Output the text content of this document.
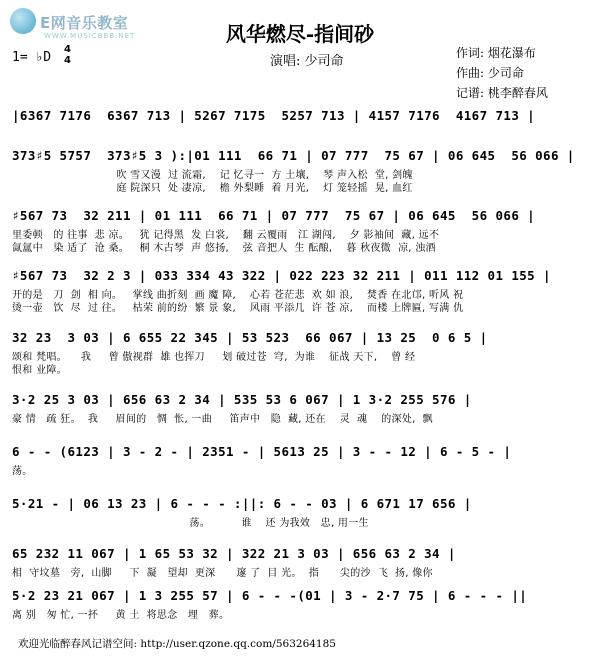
E网音乐教室
WWW.MUSICBBB.NET	风华燃尽-指间砂
1= ♭D
4
4	演唱: 少司命
作词: 烟花瀑布
作曲: 少司命
记谱: 桃李醉春风
|6367 7176  6367 713 | 5267 7175  5257 713 | 4157 7176  4167 713 |
373♯5 5757  373♯5 3 ):|01 111  66 71 | 07 777  75 67 | 06 645  56 066 |
吹 雪又漫  过 流霜,    记 忆寻一  方 土壤,    琴 声入松  堂, 剑魄
庭 院深只  处 凄凉,    檐 外梨睡  着 月光,    灯 笼轻摇  晃, 血红
♯567 73  32 211 | 01 111  66 71 | 07 777  75 67 | 06 645  56 066 |
里委顿   的 往事  悲 凉。   犹 记得黑  发 白裳,    翻 云覆雨   江 湖闯,    夕 影袖间  藏, 远不
氤氲中   染 适了  沧 桑。   桐 木古琴  声 悠扬,    弦 音把人  生 酝酿,    暮 秋夜微  凉, 浊酒
♯567 73  32 2 3 | 033 334 43 322 | 022 223 32 211 | 011 112 01 155 |
开的是   刀  剑  相 向。   掌线 曲折刻  画 魔 障,    心若 苍茫悲  欢 如 浪,    焚香 在北邙, 听风 祝
烫一壶   饮  尽  过 往。   枯荣 前的纷  繁 景 象,    风雨 平添几  许 苍 凉,    而楼 上牌匾, 写满 仇
32 23  3 03 | 6 655 22 345 | 53 523  66 067 | 13 25  0 6 5 |
颂和 梵唱。    我     曾 傲视群  雄 也挥刀     划 破过苍  穹,  为谁    征战 天下,    曾 经
恨和 业障。
3·2 25 3 03 | 656 63 2 34 | 535 53 6 067 | 1 3·2 255 576 |
豪 情   疏 狂。  我     眉间的   惆  怅, 一曲     笛声中   隐  藏, 还在    灵  魂    的深处,  飘
6 - - (6123 | 3 - 2 - | 2351 - | 5613 25 | 3 - - 12 | 6 - 5 - |
荡。
5·21 - | 06 13 23 | 6 - - - :||: 6 - - 03 | 6 671 17 656 |
荡。         谁    还 为我效   忠, 用一生
65 232 11 067 | 1 65 53 32 | 322 21 3 03 | 656 63 2 34 |
相  守坟墓   旁,  山脚     下  凝   望却  更深      邃 了  目 光。  指      尖的沙  飞  扬, 像你
5·2 23 21 067 | 1 3 255 57 | 6 - - -(01 | 3 - 2·7 75 | 6 - - - ||
离 别   匆 忙, 一抔     黄 土  将思念   埋   葬。
欢迎光临醉春风记谱空间: http://user.qzone.qq.com/563264185
